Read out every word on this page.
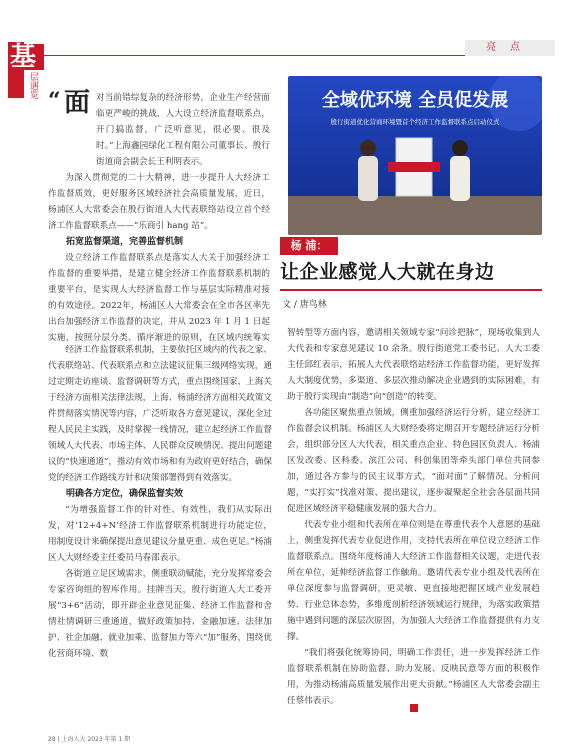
基
层遇览
亮点
“ 面 对当前错综复杂的经济形势，企业生产经营面临更严峻的挑战，人大设立经济监督联系点，开门搞监督，广泛听意见，很必要、很及时。”上海鑫园绿化工程有限公司董事长、殷行街道商会副会长王利明表示。

为深入贯彻党的二十大精神，进一步提升人大经济工作监督质效，更好服务区域经济社会高质量发展，近日，杨浦区人大常委会在殷行街道人大代表联络站设立首个经济工作监督联系点——“乐商引 hang 站”。

拓宽监督渠道，完善监督机制

设立经济工作监督联系点是落实人大关于加强经济工作监督的重要举措，是建立健全经济工作监督联系机制的重要平台，是实现人大经济监督工作与基层实际精准对接的有效途径。2022年，杨浦区人大常委会在全市各区率先出台加强经济工作监督的决定，并从 2023 年 1 月 1 日起实施，按照分层分类、循序渐进的原则，在区域内统筹实

全域优环境 全员促发展
殷行街道优化营商环境暨首个经济工作监督联系点启动仪式
杨 浦：
让企业感觉人大就在身边
文 / 唐鸟林

经济工作监督联系机制，主要依托区域内的代表之家、代表联络站、代表联系点和立法建议征集三级网络实现，通过定期走访座谈、监督调研等方式，重点围绕国家、上海关于经济方面相关法律法规，上海、杨浦经济方面相关政策文件贯彻落实情况等内容，广泛听取各方意见建议，深化全过程人民民主实践，及时掌握一线情况，建立起经济工作监督领域人大代表、市场主体、人民群众反映情况、提出问题建议的“快速通道”，推动有效市场和有为政府更好结合，确保党的经济工作路线方针和决策部署得到有效落实。

明确各方定位，确保监督实效

“为增强监督工作的针对性、有效性，我们从实际出发，对‘12+4+N’经济工作监督联系机制进行功能定位，用制度设计来确保提出意见建议分量更重、成色更足。”杨浦区人大财经委主任委员马春邵表示。

各街道立足区域需求，侧重联动赋能，充分发挥常委会专家咨询组的智库作用。挂牌当天，殷行街道人大工委开展“3+6”活动，即开辟企业意见征集、经济工作监督和舍情社情调研三重通道，做好政策加持、金融加速、法律加护、社企加融、就业加乘、监督加力等六“加”服务，围绕优化营商环境、数

智转型等方面内容，邀请相关领域专家“问诊把脉”，现场收集到人大代表和专家意见建议 10 余条。殷行街道党工委书记、人大工委主任邱红表示，拓展人大代表联络站经济工作监督功能，更好发挥人大制度优势，多渠道、多层次推动解决企业遇到的实际困难，有助于殷行实现由“制造”向“创造”的转变。

各功能区聚焦重点领域，侧重加强经济运行分析，建立经济工作监督会议机制。杨浦区人大财经委将定期召开专题经济运行分析会，组织部分区人大代表，相关重点企业、特色园区负责人、杨浦区发改委、区科委、滨江公司、科创集团等牵头部门单位共同参加，通过各方参与的民主议事方式，“面对面”了解情况、分析问题，“实打实”找准对策、提出建议，逐步凝聚起全社会各层面共同促进区域经济平稳健康发展的强大合力。

代表专业小组和代表所在单位则是在尊重代表个人意愿的基础上，侧重发挥代表专业促进作用，支持代表所在单位设立经济工作监督联系点。围绕年度杨浦人大经济工作监督相关议题，走进代表所在单位，延伸经济监督工作触角。邀请代表专业小组及代表所在单位深度参与监督调研，更灵敏、更直接地把握区域产业发展趋势、行业总体态势，多维度剖析经济领域运行规律，为落实政策措施中遇到问题的深层次原因，为加强人大经济工作监督提供有力支撑。

“我们将强化统筹协同，明确工作责任，进一步发挥经济工作监督联系机制在协助监督、助力发展、反映民意等方面的积极作用，为推动杨浦高质量发展作出更大贡献。”杨浦区人大常委会副主任蔡伟表示。

28 | 上海人大 2023 年第 1 期
